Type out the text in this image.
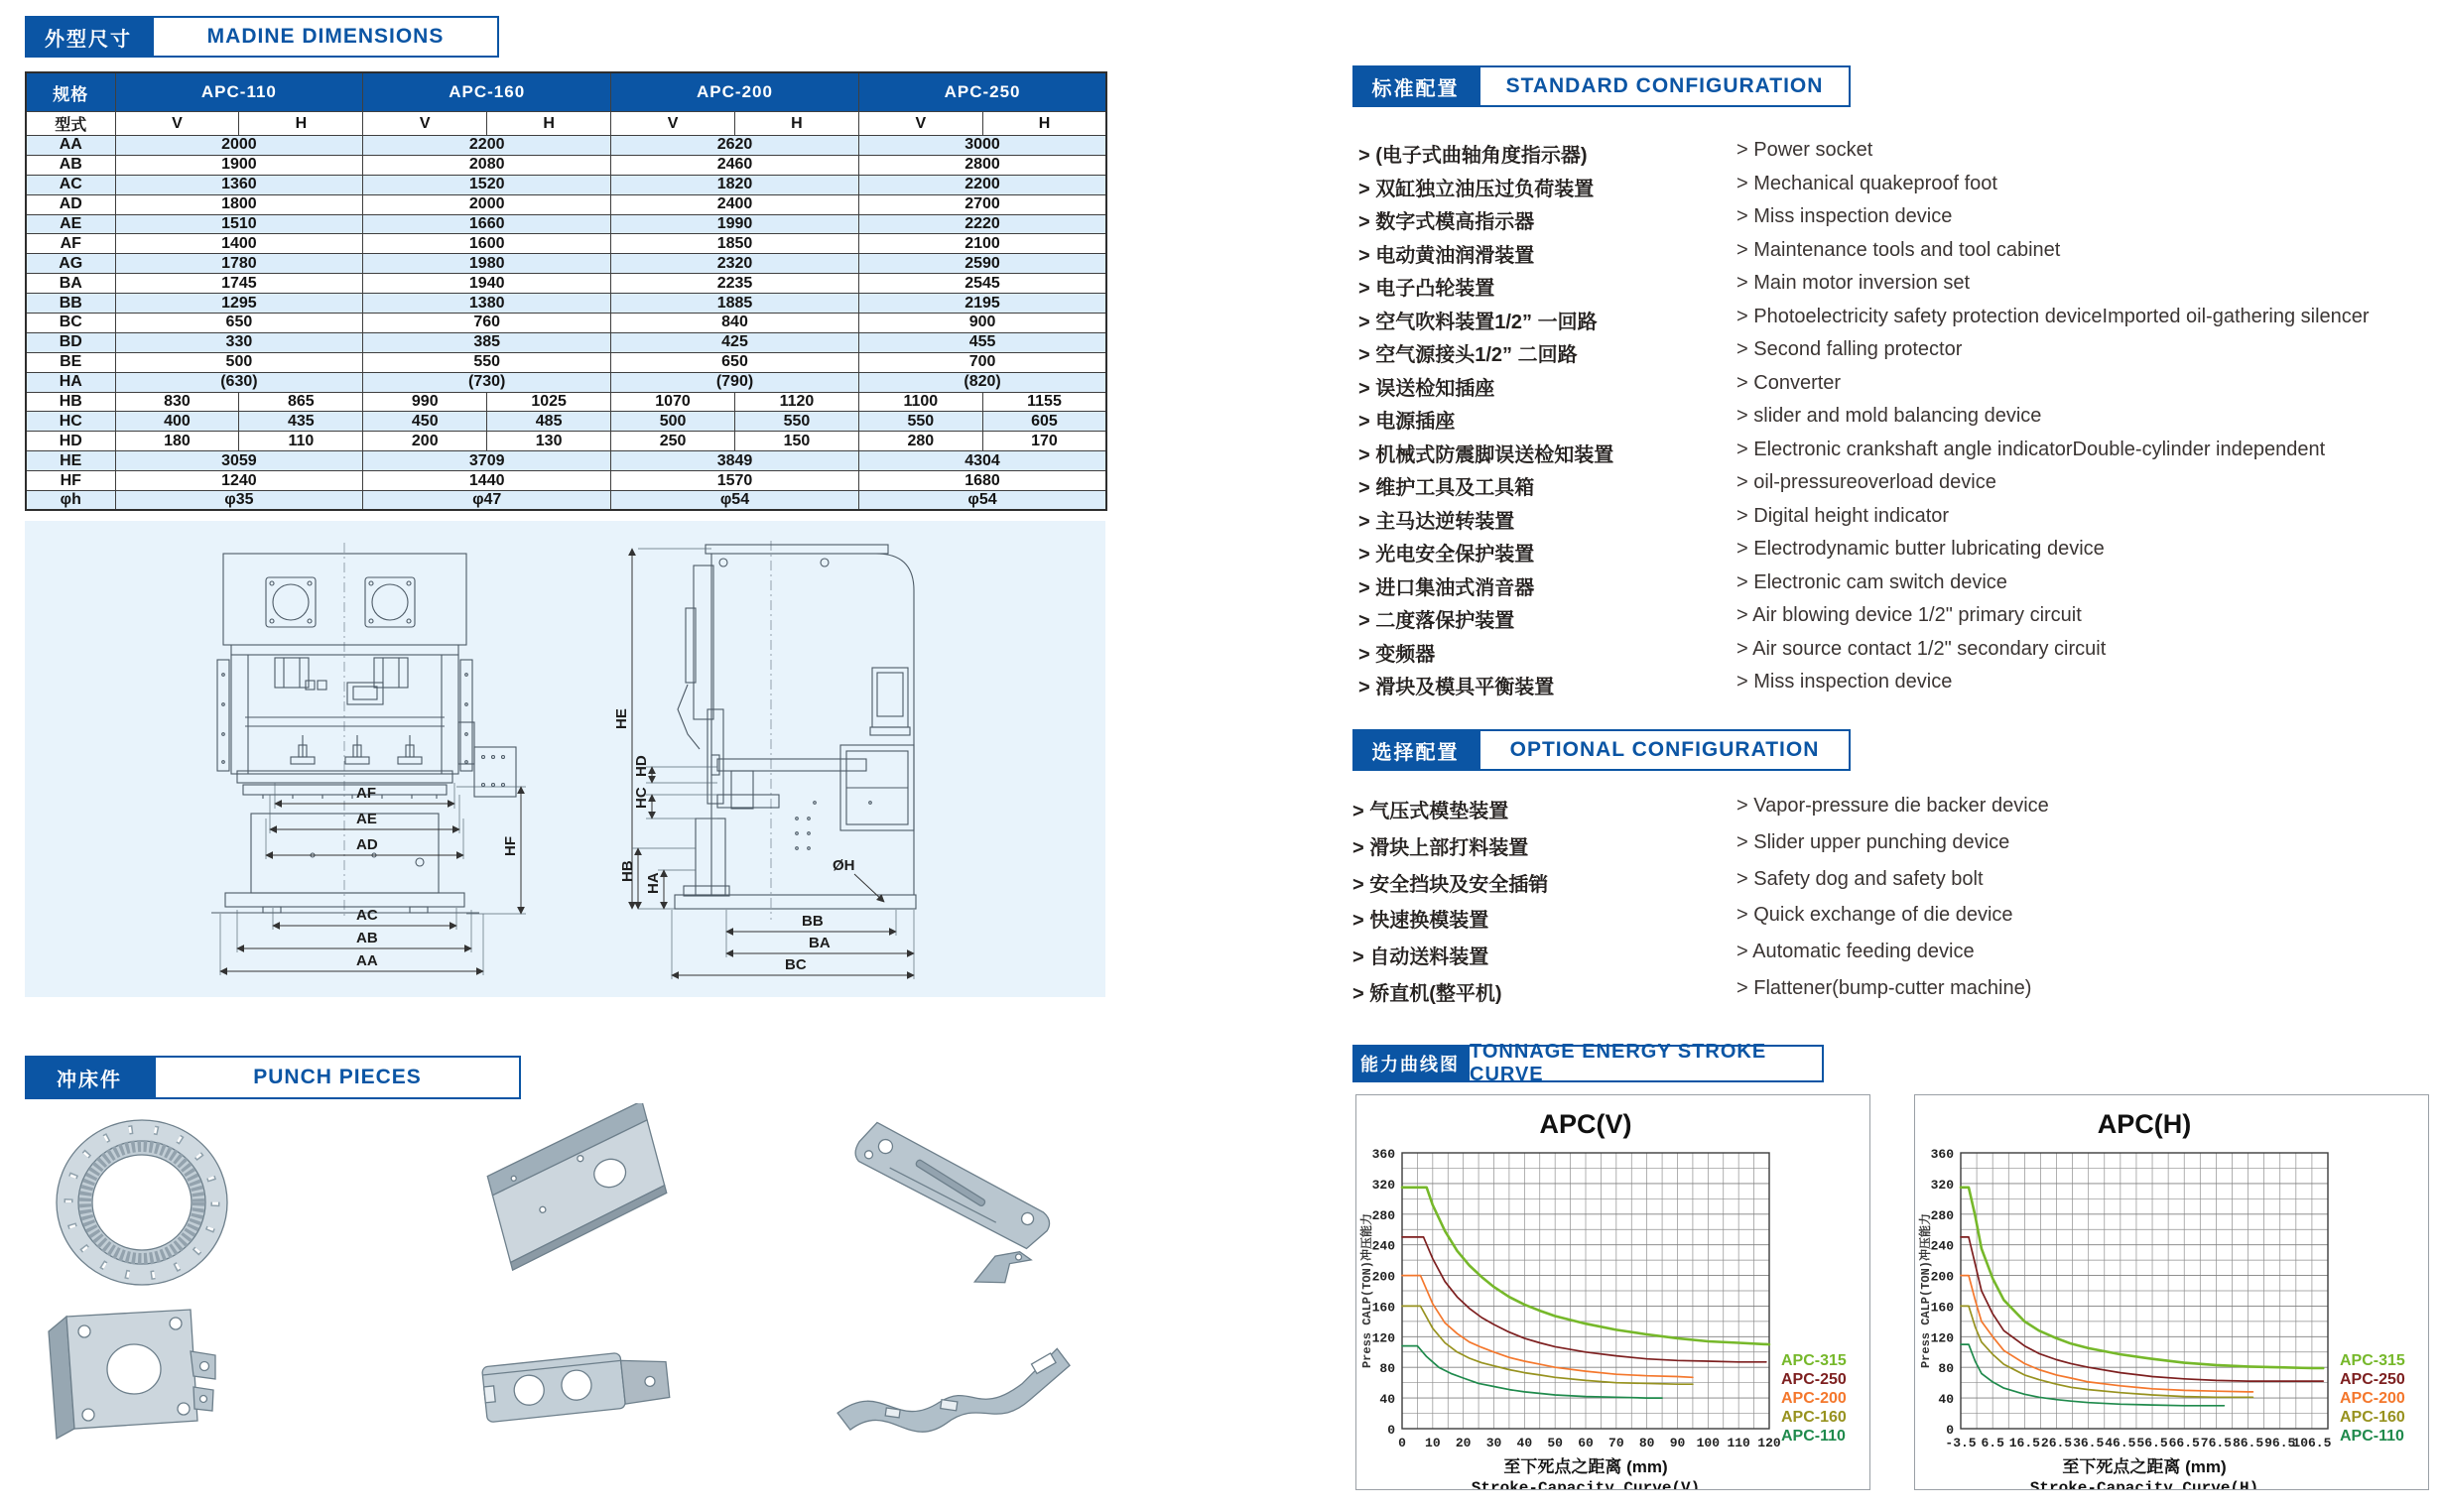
外型尺寸	MADINE DIMENSIONS
规格	APC-110		APC-160		APC-200		APC-250	
型式	V	H	V	H	V	H	V	H
AA	2000		2200		2620		3000	
AB	1900		2080		2460		2800	
AC	1360		1520		1820		2200	
AD	1800		2000		2400		2700	
AE	1510		1660		1990		2220	
AF	1400		1600		1850		2100	
AG	1780		1980		2320		2590	
BA	1745		1940		2235		2545	
BB	1295		1380		1885		2195	
BC	650		760		840		900	
BD	330		385		425		455	
BE	500		550		650		700	
HA	(630)		(730)		(790)		(820)	
HB	830	865	990	1025	1070	1120	1100	1155
HC	400	435	450	485	500	550	550	605
HD	180	110	200	130	250	150	280	170
HE	3059		3709		3849		4304	
HF	1240		1440		1570		1680	
φh	φ35		φ47		φ54		φ54	
AF
AE
AD
AC
AB
AA
HF
HE
HD
HC
HB
HA
BB
BA
BC
ØH
冲床件	PUNCH PIECES
标准配置	STANDARD CONFIGURATION
> (电子式曲轴角度指示器)	> Power socket
> 双缸独立油压过负荷装置	> Mechanical quakeproof foot
> 数字式模高指示器	> Miss inspection device
> 电动黄油润滑装置	> Maintenance tools and tool cabinet
> 电子凸轮装置	> Main motor inversion set
> 空气吹料装置1/2” 一回路	> Photoelectricity safety protection deviceImported oil-gathering silencer
> 空气源接头1/2” 二回路	> Second falling protector
> 误送检知插座	> Converter
> 电源插座	> slider and mold balancing device
> 机械式防震脚误送检知装置	> Electronic crankshaft angle indicatorDouble-cylinder independent
> 维护工具及工具箱	> oil-pressureoverload device
> 主马达逆转装置	> Digital height indicator
> 光电安全保护装置	> Electrodynamic butter lubricating device
> 进口集油式消音器	> Electronic cam switch device
> 二度落保护装置	> Air blowing device 1/2" primary circuit
> 变频器	> Air source contact 1/2" secondary circuit
> 滑块及模具平衡装置	> Miss inspection device
选择配置	OPTIONAL CONFIGURATION
> 气压式模垫装置	> Vapor-pressure die backer device
> 滑块上部打料装置	> Slider upper punching device
> 安全挡块及安全插销	> Safety dog and safety bolt
> 快速换模装置	> Quick exchange of die device
> 自动送料装置	> Automatic feeding device
> 矫直机(整平机)	> Flattener(bump-cutter machine)
能力曲线图
TONNAGE ENERGY STROKE CURVE
0
40
80
120
160
200
240
280
320
360
0 10 20 30 40 50 60 70 80 90 100 110 120
APC-315
APC-250
APC-200
APC-160
APC-110
APC(V)
Press CALP(TON)冲压能力
至下死点之距离 (mm)
Stroke-Capacity Curve(V)
0
40
80
120
160
200
240
280
320
360
-3.5 6.5 16.5 26.5 36.5 46.5 56.5 66.5 76.5 86.5 96.5
106.5
APC-315
APC-250
APC-200
APC-160
APC-110
APC(H)
Press CALP(TON)冲压能力
至下死点之距离 (mm)
Stroke-Capacity Curve(H)
